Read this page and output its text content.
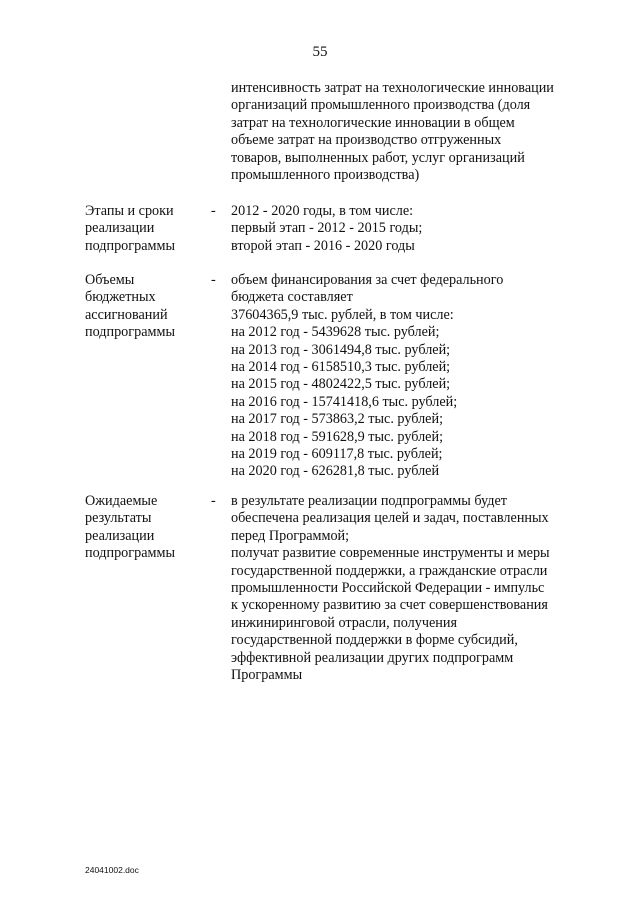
55
интенсивность затрат на технологические инновации
организаций промышленного производства (доля
затрат на технологические инновации в общем
объеме затрат на производство отгруженных
товаров, выполненных работ, услуг организаций
промышленного производства)
Этапы и сроки
реализации
подпрограммы
- 2012 - 2020 годы, в том числе:
первый этап - 2012 - 2015 годы;
второй этап - 2016 - 2020 годы
Объемы
бюджетных
ассигнований
подпрограммы
- объем финансирования за счет федерального
бюджета составляет
37604365,9 тыс. рублей, в том числе:
на 2012 год - 5439628 тыс. рублей;
на 2013 год - 3061494,8 тыс. рублей;
на 2014 год - 6158510,3 тыс. рублей;
на 2015 год - 4802422,5 тыс. рублей;
на 2016 год - 15741418,6 тыс. рублей;
на 2017 год - 573863,2 тыс. рублей;
на 2018 год - 591628,9 тыс. рублей;
на 2019 год - 609117,8 тыс. рублей;
на 2020 год - 626281,8 тыс. рублей
Ожидаемые
результаты
реализации
подпрограммы
- в результате реализации подпрограммы будет
обеспечена реализация целей и задач, поставленных
перед Программой;
получат развитие современные инструменты и меры
государственной поддержки, а гражданские отрасли
промышленности Российской Федерации - импульс
к ускоренному развитию за счет совершенствования
инжиниринговой отрасли, получения
государственной поддержки в форме субсидий,
эффективной реализации других подпрограмм
Программы
24041002.doc
